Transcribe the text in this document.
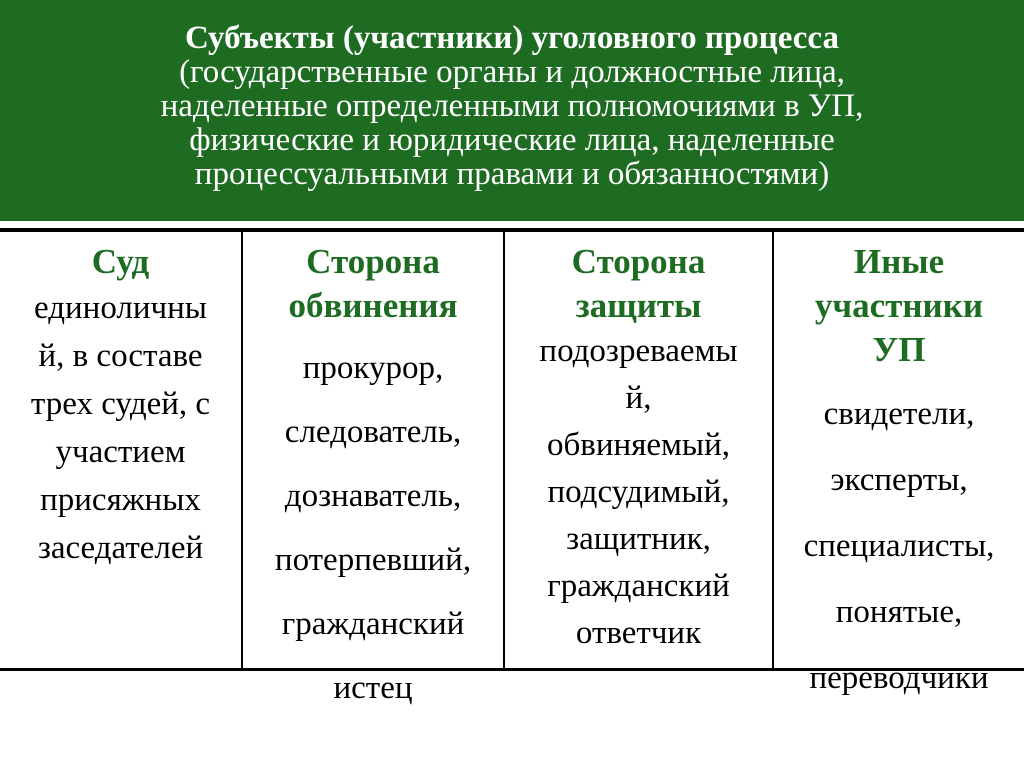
Субъекты (участники) уголовного процесса
(государственные органы и должностные лица,
наделенные определенными полномочиями в УП,
физические и юридические лица, наделенные
процессуальными правами и обязанностями)
Суд
единоличны
й, в составе
трех судей, с
участием
присяжных
заседателей
Сторона
обвинения
прокурор,
следователь,
дознаватель,
потерпевший,
гражданский
истец
Сторона
защиты
подозреваемы
й,
обвиняемый,
подсудимый,
защитник,
гражданский
ответчик
Иные
участники
УП
свидетели,
эксперты,
специалисты,
понятые,
переводчики
